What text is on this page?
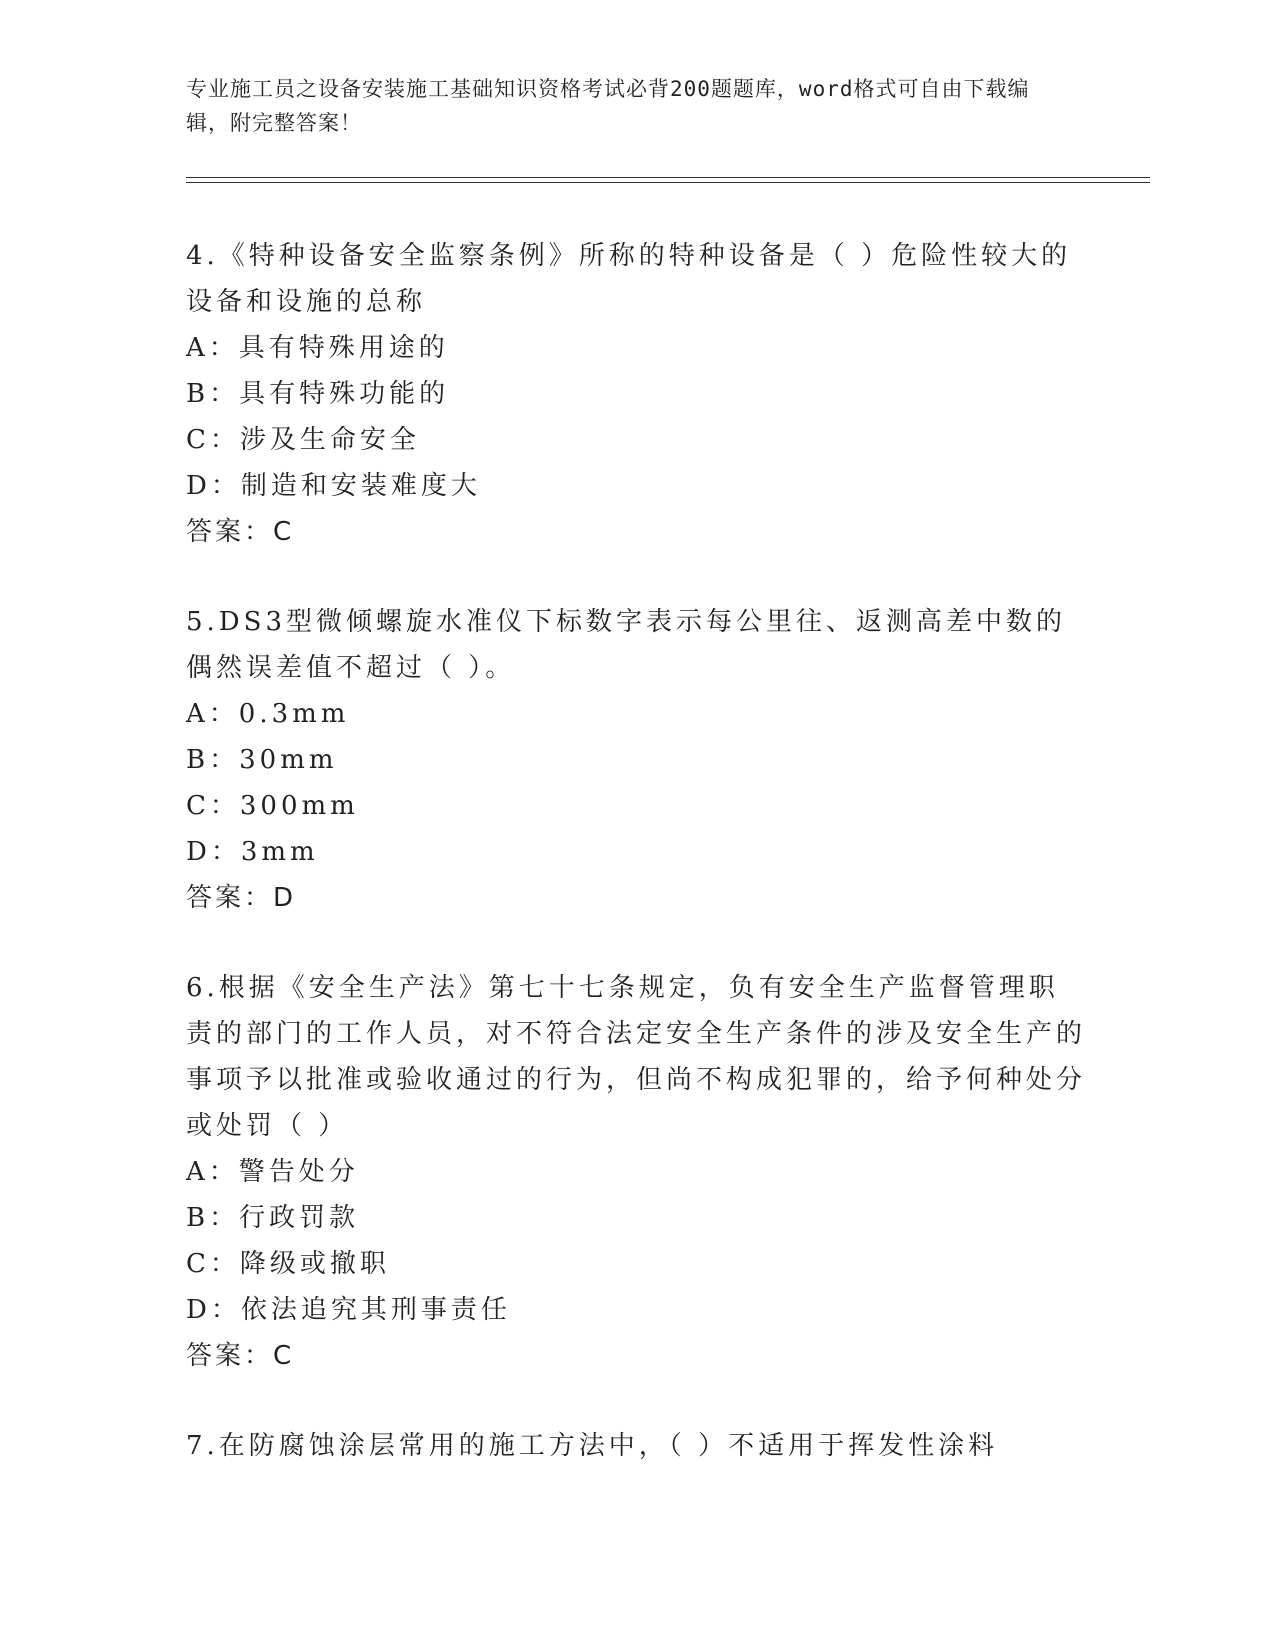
专业施工员之设备安装施工基础知识资格考试必背200题题库，word格式可自由下载编辑，附完整答案！

4.《特种设备安全监察条例》所称的特种设备是（ ）危险性较大的设备和设施的总称

A：具有特殊用途的

B：具有特殊功能的

C：涉及生命安全

D：制造和安装难度大

答案：C

5.DS3型微倾螺旋水准仪下标数字表示每公里往、返测高差中数的偶然误差值不超过（ ）。

A：0.3mm

B：30mm

C：300mm

D：3mm

答案：D

6.根据《安全生产法》第七十七条规定，负有安全生产监督管理职责的部门的工作人员，对不符合法定安全生产条件的涉及安全生产的事项予以批准或验收通过的行为，但尚不构成犯罪的，给予何种处分或处罚（ ）

A：警告处分

B：行政罚款

C：降级或撤职

D：依法追究其刑事责任

答案：C

7.在防腐蚀涂层常用的施工方法中，（ ）不适用于挥发性涂料
